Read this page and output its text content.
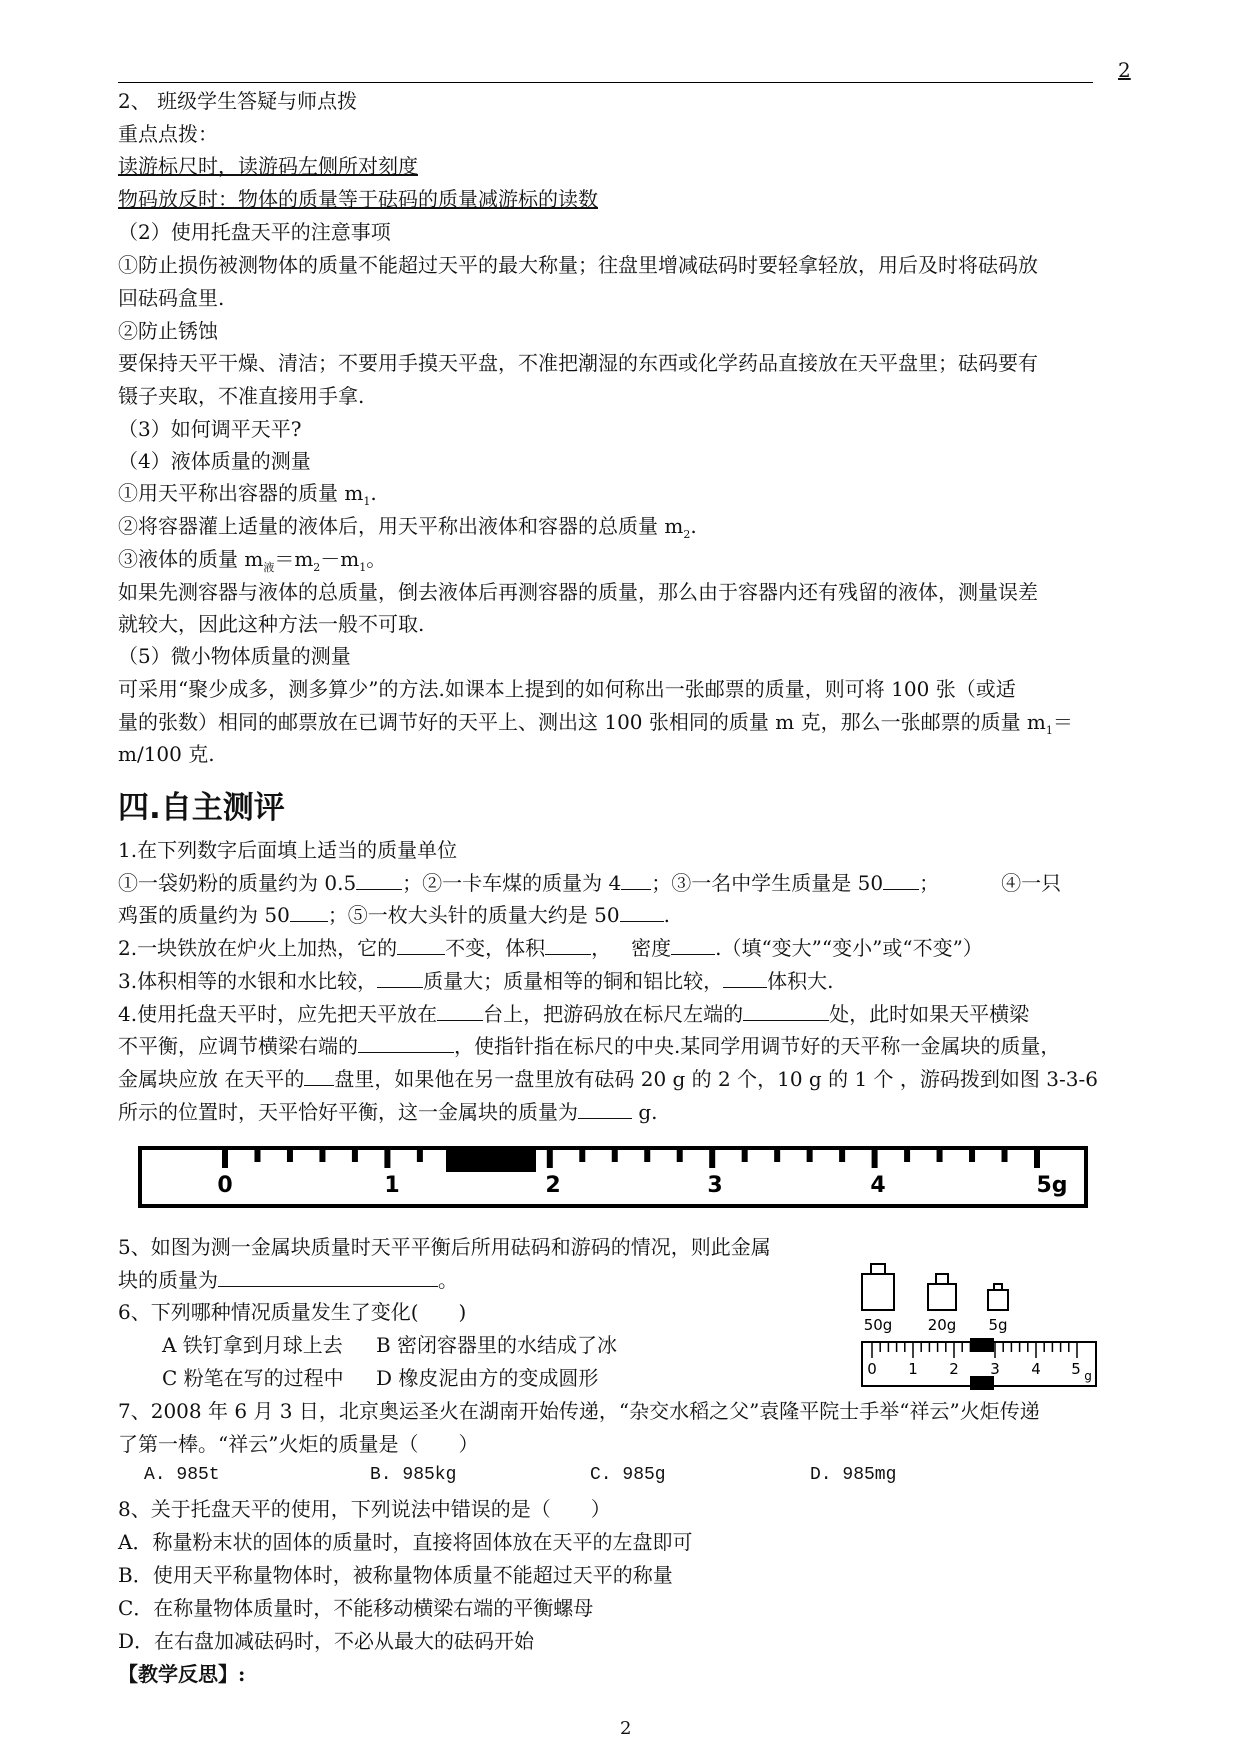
2
2、 班级学生答疑与师点拨
重点点拨：
读游标尺时，读游码左侧所对刻度
物码放反时：物体的质量等于砝码的质量减游标的读数
（2）使用托盘天平的注意事项
①防止损伤被测物体的质量不能超过天平的最大称量；往盘里增减砝码时要轻拿轻放，用后及时将砝码放
回砝码盒里.
②防止锈蚀
要保持天平干燥、清洁；不要用手摸天平盘，不准把潮湿的东西或化学药品直接放在天平盘里；砝码要有
镊子夹取，不准直接用手拿.
（3）如何调平天平?
（4）液体质量的测量
①用天平称出容器的质量 $m_1$.
②将容器灌上适量的液体后，用天平称出液体和容器的总质量 $m_2$.
③液体的质量 $m_液=m_2-m_1$。
如果先测容器与液体的总质量，倒去液体后再测容器的质量，那么由于容器内还有残留的液体，测量误差
就较大，因此这种方法一般不可取.
（5）微小物体质量的测量
可采用“聚少成多，测多算少”的方法.如课本上提到的如何称出一张邮票的质量，则可将 100 张（或适
量的张数）相同的邮票放在已调节好的天平上、测出这 100 张相同的质量 m 克，那么一张邮票的质量 $m_1=$
m/100 克.
四.自主测评
1.在下列数字后面填上适当的质量单位
①一袋奶粉的质量约为 0.5 ；②一卡车煤的质量为 4 ；③一名中学生质量是 50 ；	④一只
鸡蛋的质量约为 50 ；⑤一枚大头针的质量大约是 50 .
2.一块铁放在炉火上加热，它的 不变，体积 ， 密度 .（填“变大”“变小”或“不变”）
3.体积相等的水银和水比较， 质量大；质量相等的铜和铝比较， 体积大.
4.使用托盘天平时，应先把天平放在 台上，把游码放在标尺左端的	处，此时如果天平横梁
不平衡，应调节横梁右端的	，使指针指在标尺的中央.某同学用调节好的天平称一金属块的质量，
金属块应放 在天平的 盘里，如果他在另一盘里放有砝码 20 g 的 2 个，10 g 的 1 个 ，游码拨到如图 3-3-6
所示的位置时，天平恰好平衡，这一金属块的质量为	g.
0	1	2	3	4	5g
5、如图为测一金属块质量时天平平衡后所用砝码和游码的情况，则此金属
块的质量为	。
50g 20g 5g
0 1 2 3 4 5 g
6、下列哪种情况质量发生了变化(　　)
A 铁钉拿到月球上去 B 密闭容器里的水结成了冰
C 粉笔在写的过程中 D 橡皮泥由方的变成圆形
7、2008 年 6 月 3 日，北京奥运圣火在湖南开始传递，“杂交水稻之父”袁隆平院士手举“祥云”火炬传递
了第一棒。“祥云”火炬的质量是（　　）
A. 985t	B. 985kg	C. 985g	D. 985mg
8、关于托盘天平的使用，下列说法中错误的是（　　）
A．称量粉末状的固体的质量时，直接将固体放在天平的左盘即可
B．使用天平称量物体时，被称量物体质量不能超过天平的称量
C．在称量物体质量时，不能移动横梁右端的平衡螺母
D．在右盘加减砝码时，不必从最大的砝码开始
【教学反思】:
2
